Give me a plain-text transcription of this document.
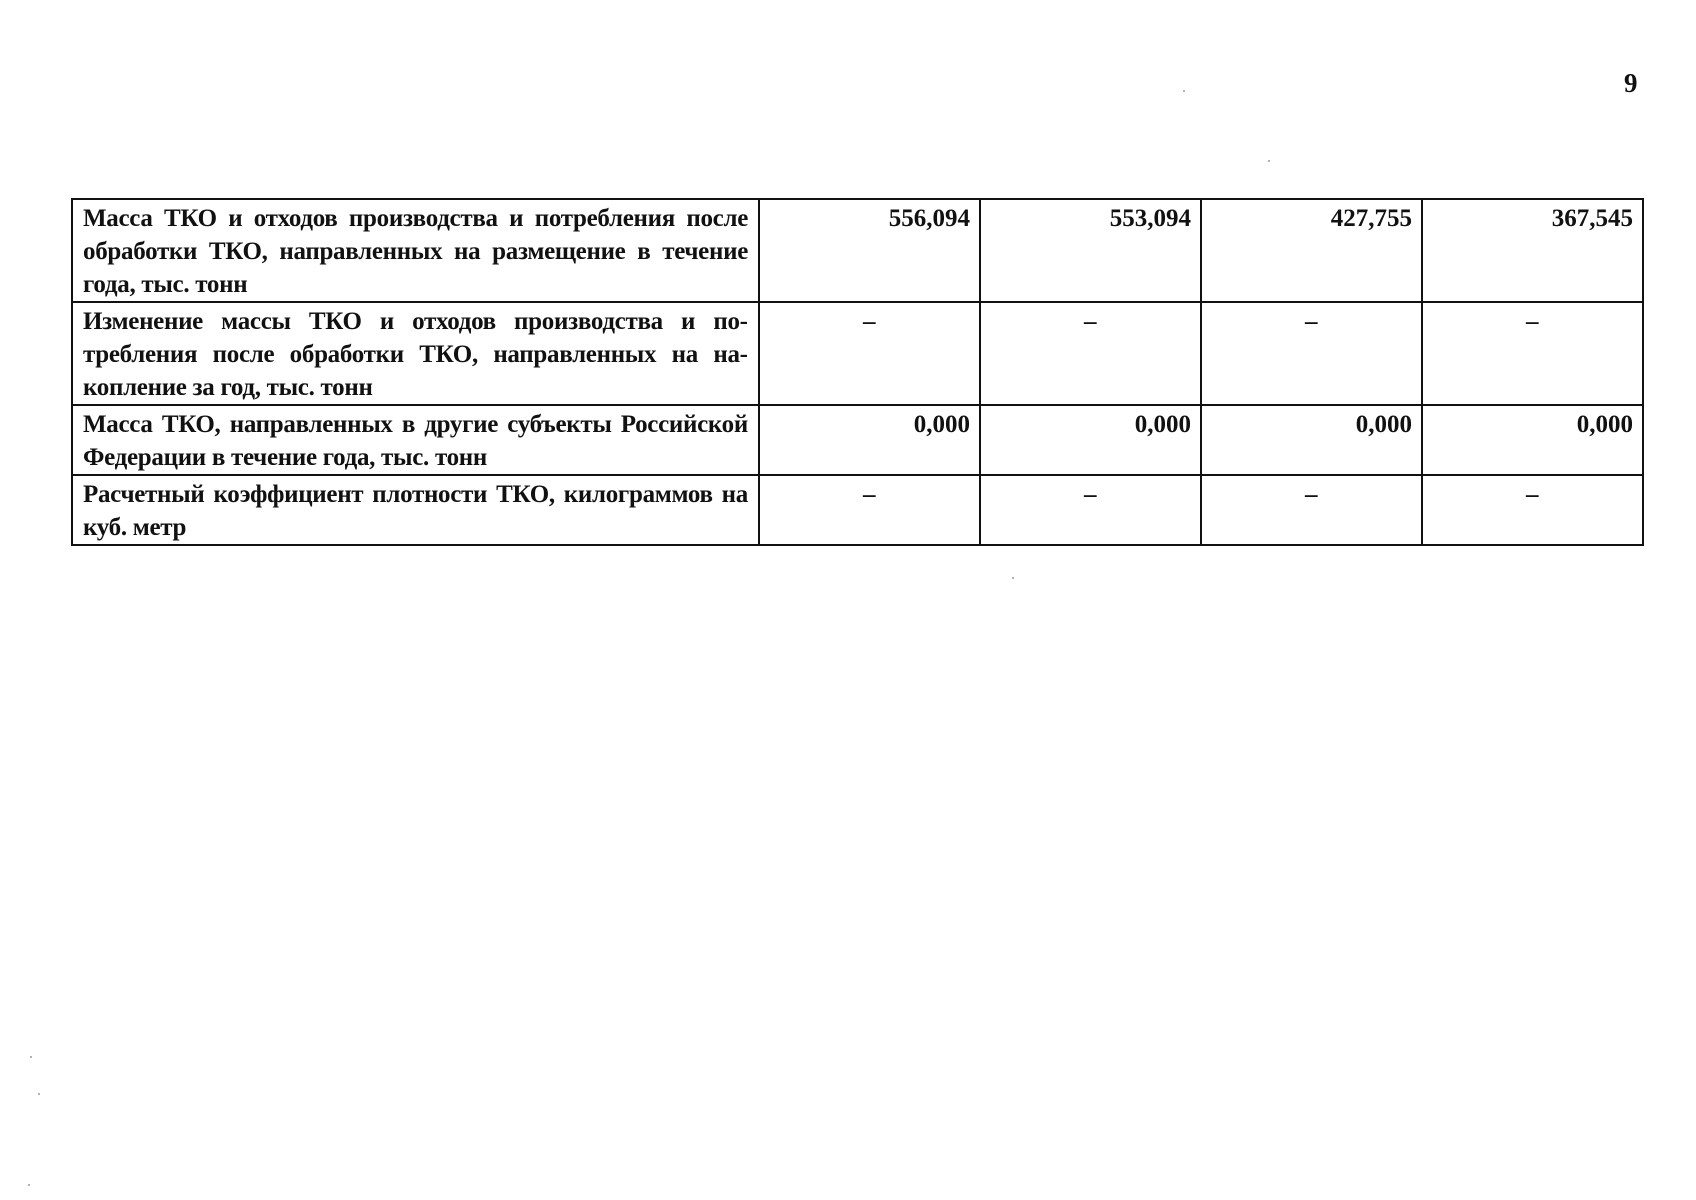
9
Масса ТКО и отходов производства и потребления после обработки ТКО, направленных на размещение в течение года, тыс. тонн	556,094	553,094	427,755	367,545
Изменение массы ТКО и отходов производства и потребления после обработки ТКО, направленных на накопление за год, тыс. тонн	–	–	–	–
Масса ТКО, направленных в другие субъекты Российской Федерации в течение года, тыс. тонн	0,000	0,000	0,000	0,000
Расчетный коэффициент плотности ТКО, килограммов на куб. метр	–	–	–	–
